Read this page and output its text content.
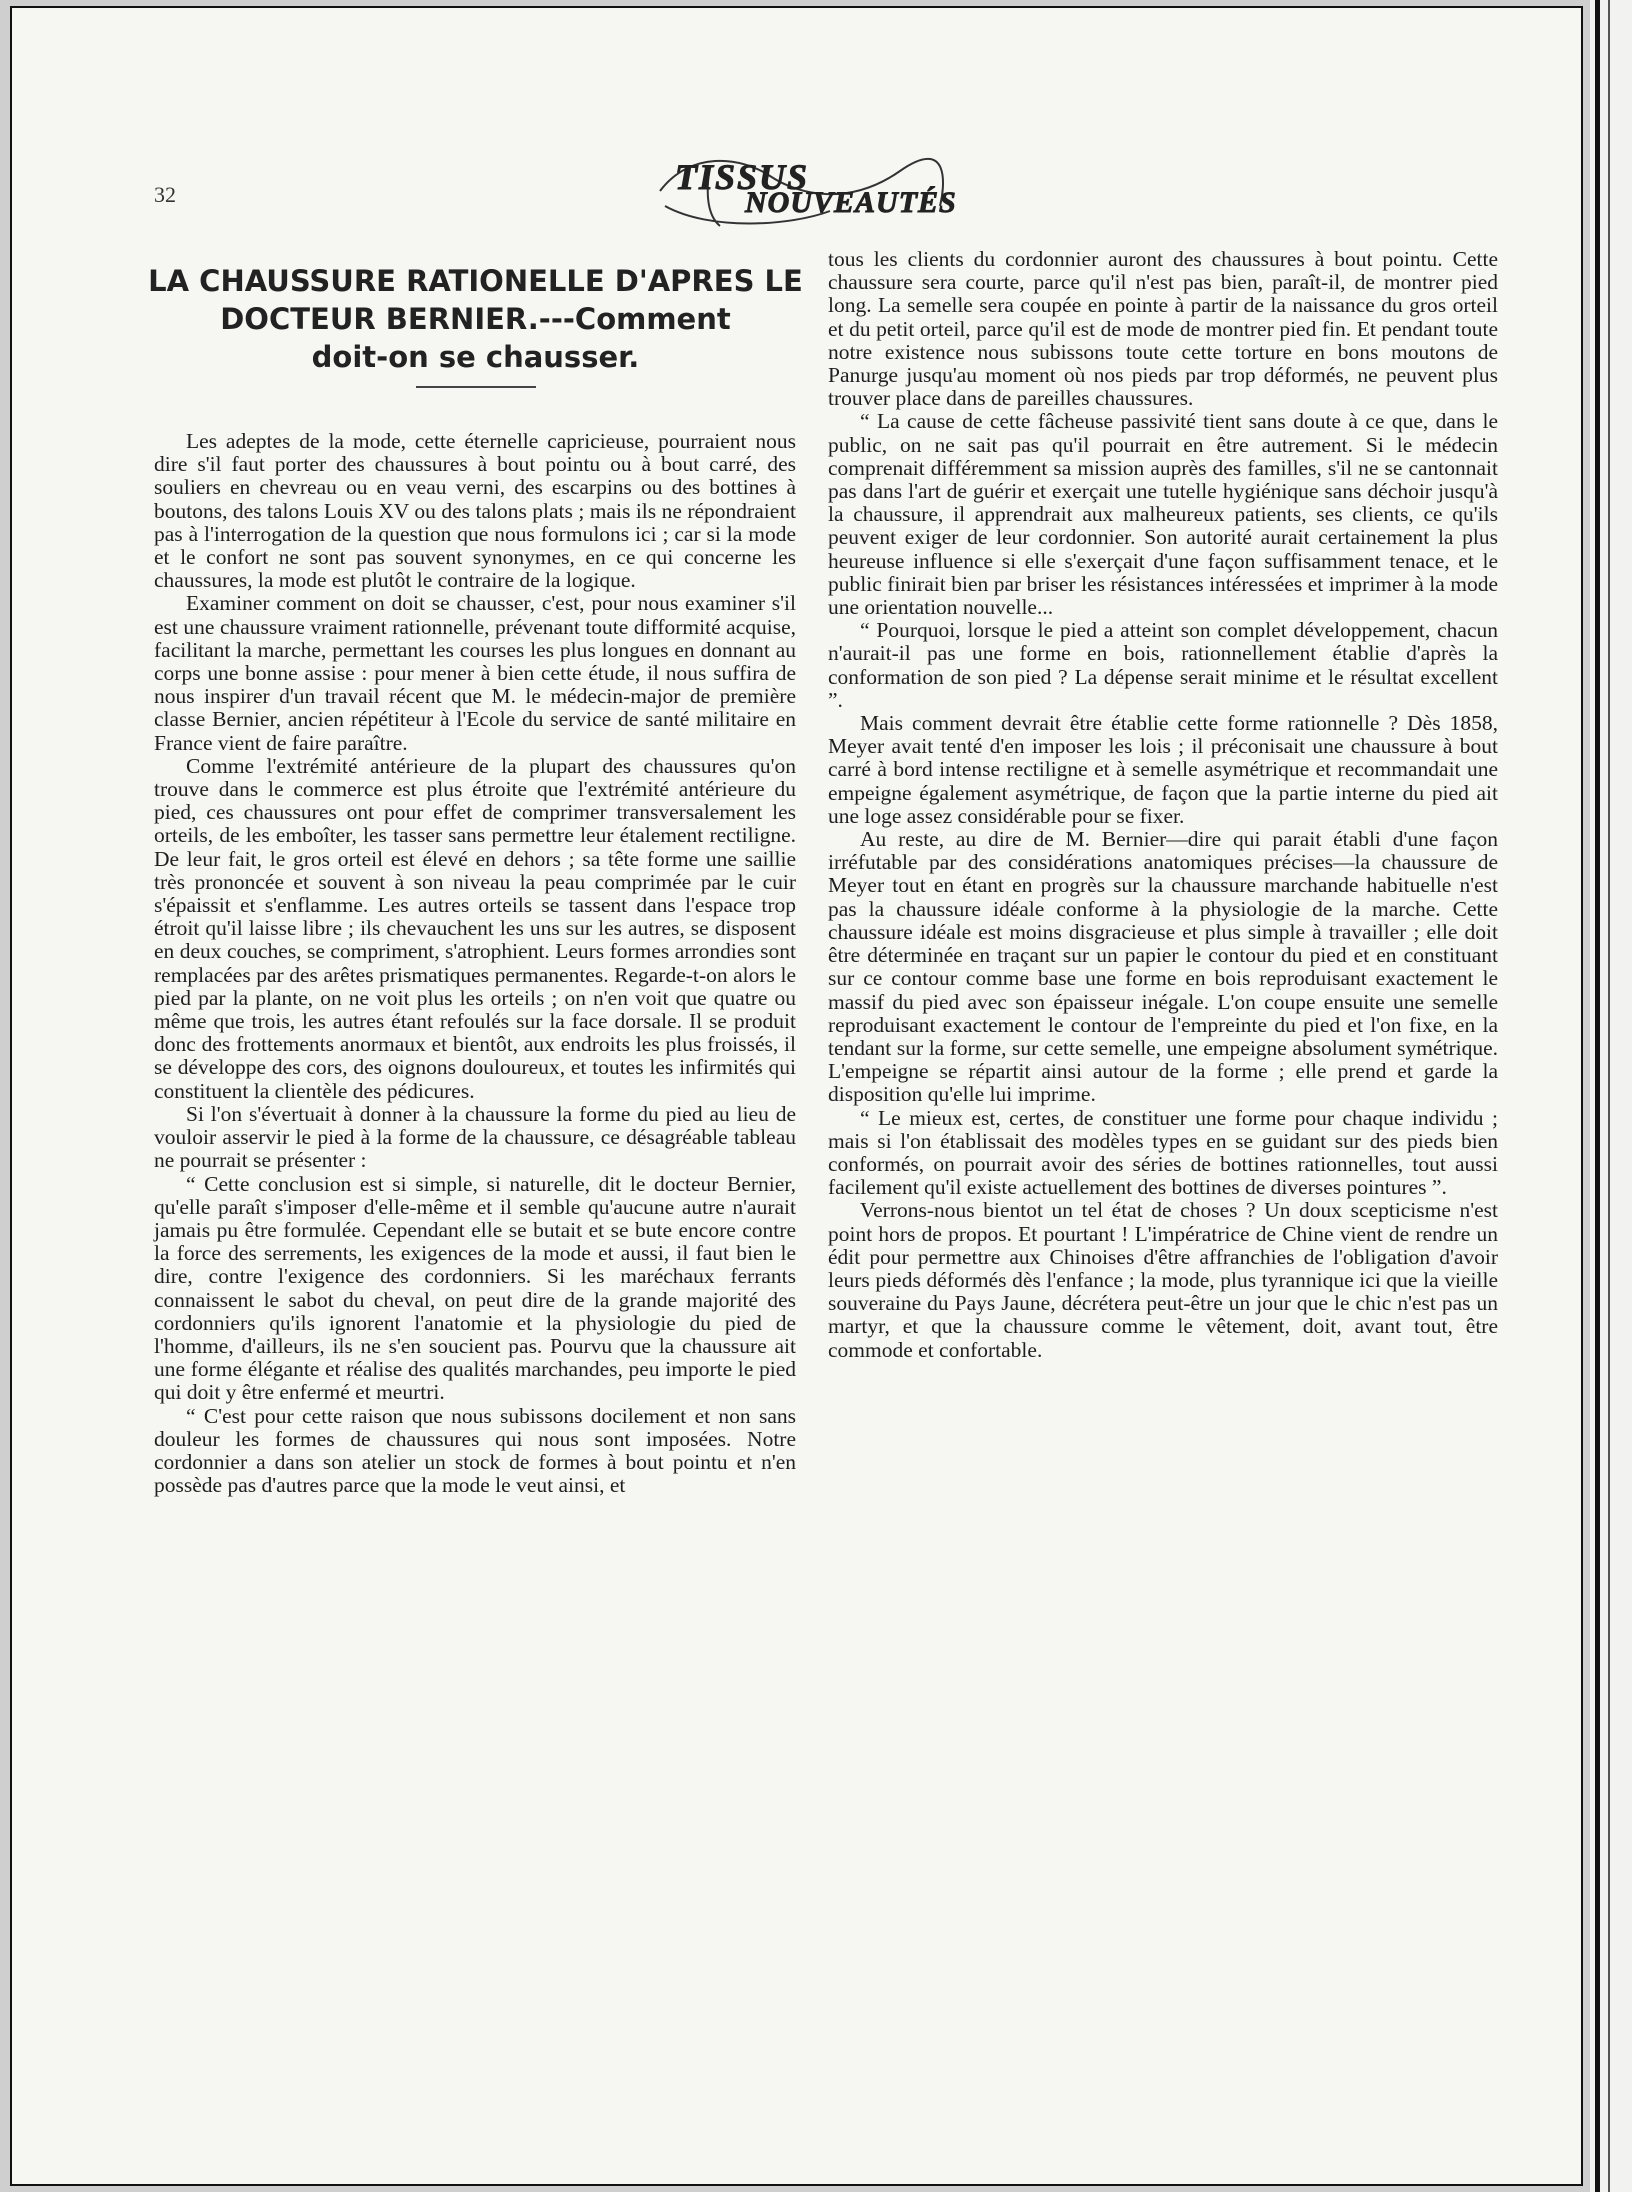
32	TISSUS
NOUVEAUTÉS
LA CHAUSSURE RATIONELLE D'APRES LE
DOCTEUR BERNIER.---Comment
doit-on se chausser.

Les adeptes de la mode, cette éternelle capricieuse, pourraient nous dire s'il faut porter des chaussures à bout pointu ou à bout carré, des souliers en chevreau ou en veau verni, des escarpins ou des bottines à boutons, des talons Louis XV ou des talons plats ; mais ils ne répondraient pas à l'interrogation de la question que nous formulons ici ; car si la mode et le confort ne sont pas souvent synonymes, en ce qui concerne les chaussures, la mode est plutôt le contraire de la logique.

Examiner comment on doit se chausser, c'est, pour nous examiner s'il est une chaussure vraiment rationnelle, prévenant toute difformité acquise, facilitant la marche, permettant les courses les plus longues en donnant au corps une bonne assise : pour mener à bien cette étude, il nous suffira de nous inspirer d'un travail récent que M. le médecin-major de première classe Bernier, ancien répétiteur à l'Ecole du service de santé militaire en France vient de faire paraître.

Comme l'extrémité antérieure de la plupart des chaussures qu'on trouve dans le commerce est plus étroite que l'extrémité antérieure du pied, ces chaussures ont pour effet de comprimer transversalement les orteils, de les emboîter, les tasser sans permettre leur étalement rectiligne. De leur fait, le gros orteil est élevé en dehors ; sa tête forme une saillie très prononcée et souvent à son niveau la peau comprimée par le cuir s'épaissit et s'enflamme. Les autres orteils se tassent dans l'espace trop étroit qu'il laisse libre ; ils chevauchent les uns sur les autres, se disposent en deux couches, se compriment, s'atrophient. Leurs formes arrondies sont remplacées par des arêtes prismatiques permanentes. Regarde-t-on alors le pied par la plante, on ne voit plus les orteils ; on n'en voit que quatre ou même que trois, les autres étant refoulés sur la face dorsale. Il se produit donc des frottements anormaux et bientôt, aux endroits les plus froissés, il se développe des cors, des oignons douloureux, et toutes les infirmités qui constituent la clientèle des pédicures.

Si l'on s'évertuait à donner à la chaussure la forme du pied au lieu de vouloir asservir le pied à la forme de la chaussure, ce désagréable tableau ne pourrait se présenter :

“ Cette conclusion est si simple, si naturelle, dit le docteur Bernier, qu'elle paraît s'imposer d'elle-même et il semble qu'aucune autre n'aurait jamais pu être formulée. Cependant elle se butait et se bute encore contre la force des serrements, les exigences de la mode et aussi, il faut bien le dire, contre l'exigence des cordonniers. Si les maréchaux ferrants connaissent le sabot du cheval, on peut dire de la grande majorité des cordonniers qu'ils ignorent l'anatomie et la physiologie du pied de l'homme, d'ailleurs, ils ne s'en soucient pas. Pourvu que la chaussure ait une forme élégante et réalise des qualités marchandes, peu importe le pied qui doit y être enfermé et meurtri.

“ C'est pour cette raison que nous subissons docilement et non sans douleur les formes de chaussures qui nous sont imposées. Notre cordonnier a dans son atelier un stock de formes à bout pointu et n'en possède pas d'autres parce que la mode le veut ainsi, et

tous les clients du cordonnier auront des chaussures à bout pointu. Cette chaussure sera courte, parce qu'il n'est pas bien, paraît-il, de montrer pied long. La semelle sera coupée en pointe à partir de la naissance du gros orteil et du petit orteil, parce qu'il est de mode de montrer pied fin. Et pendant toute notre existence nous subissons toute cette torture en bons moutons de Panurge jusqu'au moment où nos pieds par trop déformés, ne peuvent plus trouver place dans de pareilles chaussures.

“ La cause de cette fâcheuse passivité tient sans doute à ce que, dans le public, on ne sait pas qu'il pourrait en être autrement. Si le médecin comprenait différemment sa mission auprès des familles, s'il ne se cantonnait pas dans l'art de guérir et exerçait une tutelle hygiénique sans déchoir jusqu'à la chaussure, il apprendrait aux malheureux patients, ses clients, ce qu'ils peuvent exiger de leur cordonnier. Son autorité aurait certainement la plus heureuse influence si elle s'exerçait d'une façon suffisamment tenace, et le public finirait bien par briser les résistances intéressées et imprimer à la mode une orientation nouvelle...

“ Pourquoi, lorsque le pied a atteint son complet développement, chacun n'aurait-il pas une forme en bois, rationnellement établie d'après la conformation de son pied ? La dépense serait minime et le résultat excellent ”.

Mais comment devrait être établie cette forme rationnelle ? Dès 1858, Meyer avait tenté d'en imposer les lois ; il préconisait une chaussure à bout carré à bord intense rectiligne et à semelle asymétrique et recommandait une empeigne également asymétrique, de façon que la partie interne du pied ait une loge assez considérable pour se fixer.

Au reste, au dire de M. Bernier—dire qui parait établi d'une façon irréfutable par des considérations anatomiques précises—la chaussure de Meyer tout en étant en progrès sur la chaussure marchande habituelle n'est pas la chaussure idéale conforme à la physiologie de la marche. Cette chaussure idéale est moins disgracieuse et plus simple à travailler ; elle doit être déterminée en traçant sur un papier le contour du pied et en constituant sur ce contour comme base une forme en bois reproduisant exactement le massif du pied avec son épaisseur inégale. L'on coupe ensuite une semelle reproduisant exactement le contour de l'empreinte du pied et l'on fixe, en la tendant sur la forme, sur cette semelle, une empeigne absolument symétrique. L'empeigne se répartit ainsi autour de la forme ; elle prend et garde la disposition qu'elle lui imprime.

“ Le mieux est, certes, de constituer une forme pour chaque individu ; mais si l'on établissait des modèles types en se guidant sur des pieds bien conformés, on pourrait avoir des séries de bottines rationnelles, tout aussi facilement qu'il existe actuellement des bottines de diverses pointures ”.

Verrons-nous bientot un tel état de choses ? Un doux scepticisme n'est point hors de propos. Et pourtant ! L'impératrice de Chine vient de rendre un édit pour permettre aux Chinoises d'être affranchies de l'obligation d'avoir leurs pieds déformés dès l'enfance ; la mode, plus tyrannique ici que la vieille souveraine du Pays Jaune, décrétera peut-être un jour que le chic n'est pas un martyr, et que la chaussure comme le vêtement, doit, avant tout, être commode et confortable.
